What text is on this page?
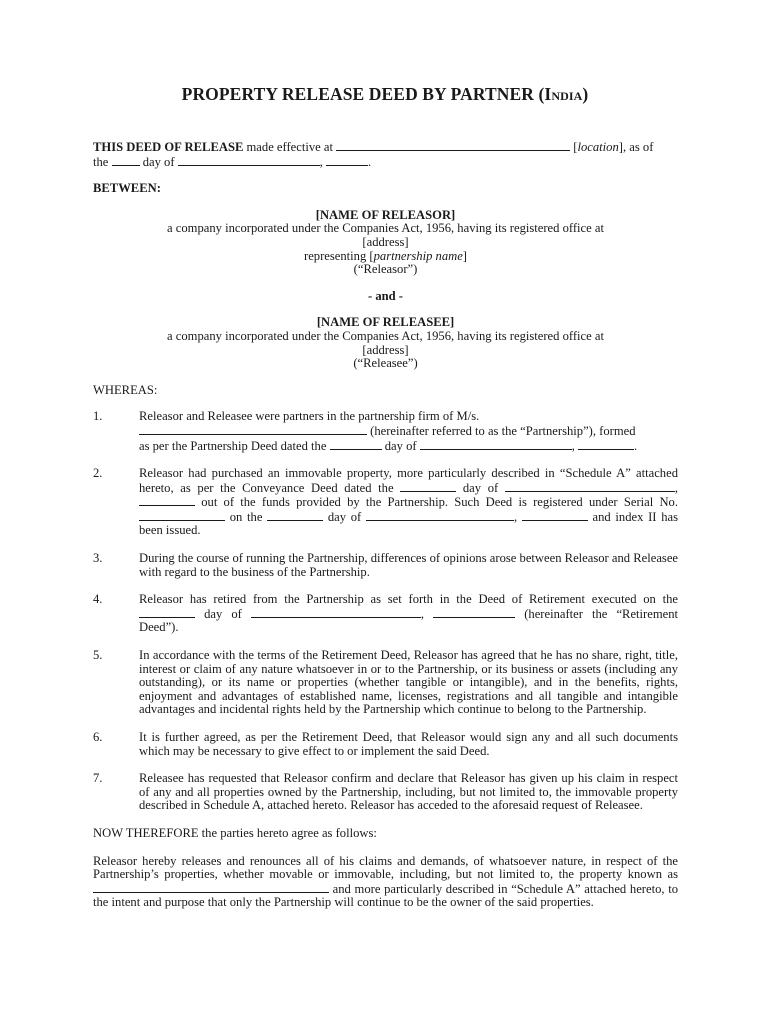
PROPERTY RELEASE DEED BY PARTNER (India)

THIS DEED OF RELEASE made effective at	[location], as of
the  day of	,	.

BETWEEN:

[NAME OF RELEASOR]
a company incorporated under the Companies Act, 1956, having its registered office at
[address]
representing [partnership name]
(“Releasor”)
- and -
[NAME OF RELEASEE]
a company incorporated under the Companies Act, 1956, having its registered office at
[address]
(“Releasee”)

WHEREAS:

1.	Releasor and Releasee were partners in the partnership firm of M/s.
(hereinafter referred to as the “Partnership”), formed
as per the Partnership Deed dated the	day of	,	.
2.	Releasor had purchased an immovable property, more particularly described in “Schedule A” attached hereto, as per the Conveyance Deed dated the	day of	,  out of the funds provided by the Partnership. Such Deed is registered under Serial No.  on the	day of	,	and index II has been issued.
3.	During the course of running the Partnership, differences of opinions arose between Releasor and Releasee with regard to the business of the Partnership.
4.	Releasor has retired from the Partnership as set forth in the Deed of Retirement executed on the  day of	,	(hereinafter the “Retirement Deed”).
5.	In accordance with the terms of the Retirement Deed, Releasor has agreed that he has no share, right, title, interest or claim of any nature whatsoever in or to the Partnership, or its business or assets (including any outstanding), or its name or properties (whether tangible or intangible), and in the benefits, rights, enjoyment and advantages of established name, licenses, registrations and all tangible and intangible advantages and incidental rights held by the Partnership which continue to belong to the Partnership.
6.	It is further agreed, as per the Retirement Deed, that Releasor would sign any and all such documents which may be necessary to give effect to or implement the said Deed.
7.	Releasee has requested that Releasor confirm and declare that Releasor has given up his claim in respect of any and all properties owned by the Partnership, including, but not limited to, the immovable property described in Schedule A, attached hereto. Releasor has acceded to the aforesaid request of Releasee.

NOW THEREFORE the parties hereto agree as follows:

Releasor hereby releases and renounces all of his claims and demands, of whatsoever nature, in respect of the Partnership’s properties, whether movable or immovable, including, but not limited to, the property known as  and more particularly described in “Schedule A” attached hereto, to the intent and purpose that only the Partnership will continue to be the owner of the said properties.
